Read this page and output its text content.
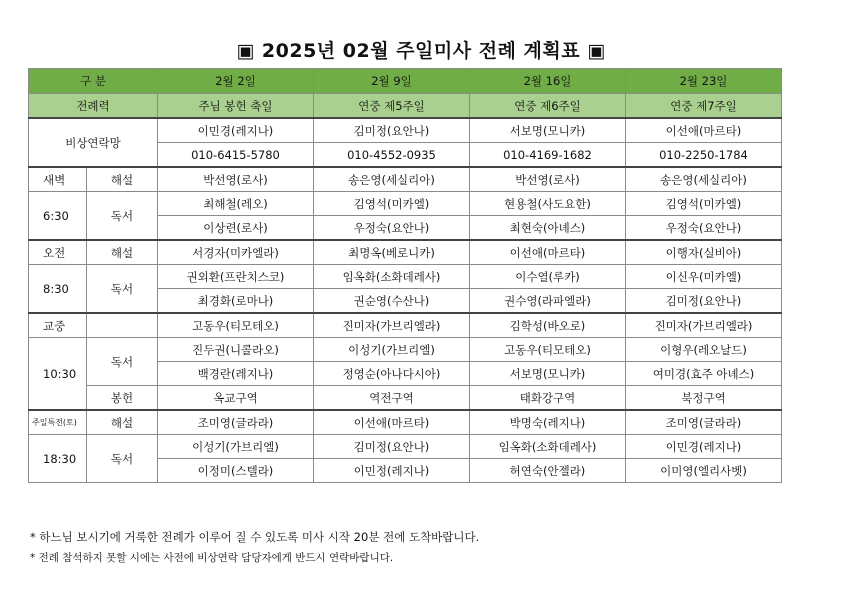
▣ 2025년 02월 주일미사 전례 계획표 ▣
구 분		2월 2일	2월 9일	2월 16일	2월 23일
전례력		주님 봉헌 축일	연중 제5주일	연중 제6주일	연중 제7주일
비상연락망		이민경(레지나)	김미정(요안나)	서보명(모니카)	이선애(마르타)
		010-6415-5780	010-4552-0935	010-4169-1682	010-2250-1784
새벽	해설	박선영(로사)	송은영(세실리아)	박선영(로사)	송은영(세실리아)
6:30	독서	최해철(레오)	김영석(미카엘)	현용철(사도요한)	김영석(미카엘)
		이상련(로사)	우정숙(요안나)	최현숙(아녜스)	우정숙(요안나)
오전	해설	서경자(미카엘라)	최명옥(베로니카)	이선애(마르타)	이행자(실비아)
8:30	독서	권외환(프란치스코)	임옥화(소화데레사)	이수열(루카)	이신우(미카엘)
		최경화(로마나)	권순영(수산나)	권수영(라파엘라)	김미정(요안나)
교중		고동우(티모테오)	진미자(가브리엘라)	김학성(바오로)	진미자(가브리엘라)
10:30	독서	진두권(니콜라오)	이성기(가브리엘)	고동우(티모테오)	이형우(레오날드)
		백경란(레지나)	정영순(아나다시아)	서보명(모니카)	여미경(효주 아녜스)
	봉헌	옥교구역	역전구역	태화강구역	북정구역
주일특전(토)	해설	조미영(글라라)	이선애(마르타)	박명숙(레지나)	조미영(글라라)
18:30	독서	이성기(가브리엘)	김미정(요안나)	임옥화(소화데레사)	이민경(레지나)
		이정미(스텔라)	이민정(레지나)	허연숙(안젤라)	이미영(엘리사벳)
* 하느님 보시기에 거룩한 전례가 이루어 질 수 있도록 미사 시작 20분 전에 도착바랍니다.
* 전례 참석하지 못할 시에는 사전에 비상연락 담당자에게 반드시 연락바랍니다.
